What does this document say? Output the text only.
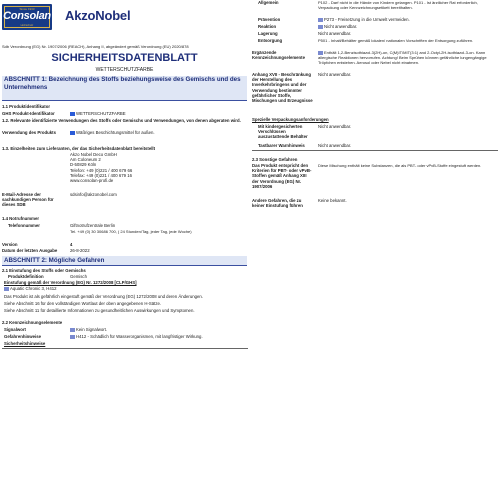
Since 1933
Consolan
Holzschutz
AkzoNobel
Sdb Verordnung (EG) Nr. 1907/2006 (REACH), Anhang II, abgeändert gemäß Verordnung (EU) 2020/878
SICHERHEITSDATENBLATT
WETTERSCHUTZFARBE
ABSCHNITT 1: Bezeichnung des Stoffs beziehungsweise des Gemischs und des Unternehmens
1.1 Produktidentifikator
GHS Produkt-Identifikator	WETTERSCHUTZFARBE
1.2. Relevante identifizierte Verwendungen des Stoffs oder Gemischs und Verwendungen, von denen abgeraten wird.
Verwendung des Produkts	Wäßriges Beschichtungsmittel für außen.
1.3. Einzelheiten zum Lieferanten, der das Sicherheitsdatenblatt bereitstellt
Akzo Nobel Deco GmbH
Am Coloneum 2
D-50829 Köln
Telefon: +49 (0)221 / 400 679 66
Telefax: +49 (0)221 / 400 679 16
www.consolan-profi.de
E-Mail-Adresse der sachkundigen Person für dieses SDB
sdsinfo@akzonobel.com
1.4 Notrufnummer
Telefonnummer	Giftnotrufzentrale Berlin
Tel. +49 (0) 30 30686 700, ( 24 Stunden/Tag, jeder Tag, jede Woche)
Version	4
Datum der letzten Ausgabe	26-8-2022
ABSCHNITT 2: Mögliche Gefahren
2.1 Einstufung des Stoffs oder Gemischs
Produktdefinition	Gemisch
Einstufung gemäß der Verordnung (EG) Nr. 1272/2008 [CLP/GHS]
Aquatic Chronic 3, H412
Das Produkt ist als gefährlich eingestuft gemäß der Verordnung (EG) 1272/2008 und deren Änderungen.
Siehe Abschnitt 16 für den vollständigen Wortlaut der oben angegebenen H-Sätze.
Siehe Abschnitt 11 für detaillierte Informationen zu gesundheitlichen Auswirkungen und Symptomen.
2.2 Kennzeichnungselemente
Signalwort	Kein Signalwort.
Gefahrenhinweise	H412 - Schädlich für Wasserorganismen, mit langfristiger Wirkung.
Sicherheitshinweise
Allgemein	P102 - Darf nicht in die Hände von Kindern gelangen. P101 - Ist ärztlicher Rat erforderlich, Verpackung oder Kennzeichnungsetikett bereithalten.
Prävention	P273 - Freisetzung in die Umwelt vermeiden.
Reaktion	Nicht anwendbar.
Lagerung	Nicht anwendbar.
Entsorgung	P501 - Inhalt/Behälter gemäß lokalen/ nationalen Vorschriften der Entsorgung zuführen.
Ergänzende Kennzeichnungselemente
Enthält 1,2-Benzisothiazol-3(2H)-on, C(M)IT/MIT(3:1) and 2-Octyl-2H-isothiazol-3-on. Kann allergische Reaktionen hervorrufen. Achtung! Beim Sprühen können gefährliche lungengängige Tröpfchen entstehen. Aerosol oder Nebel nicht einatmen.
Anhang XVII - Beschränkung der Herstellung des Inverkehrbringens und der Verwendung bestimmter gefährlicher Stoffe, Mischungen und Erzeugnisse
Nicht anwendbar.
Spezielle Verpackungsanforderungen
Mit kindergesicherten Verschlüssen auszustattende Behälter
Nicht anwendbar.
Tastbarer Warnhinweis	Nicht anwendbar.
2.3 Sonstige Gefahren
Das Produkt entspricht den Kriterien für PBT- oder vPvB-Stoffen gemäß Anhang XIII der Verordnung (EG) Nr. 1907/2006
Diese Mischung enthält keine Substanzen, die als PBT- oder vPvB-Stoffe eingestuft werden.
Andere Gefahren, die zu keiner Einstufung führen
Keine bekannt.
